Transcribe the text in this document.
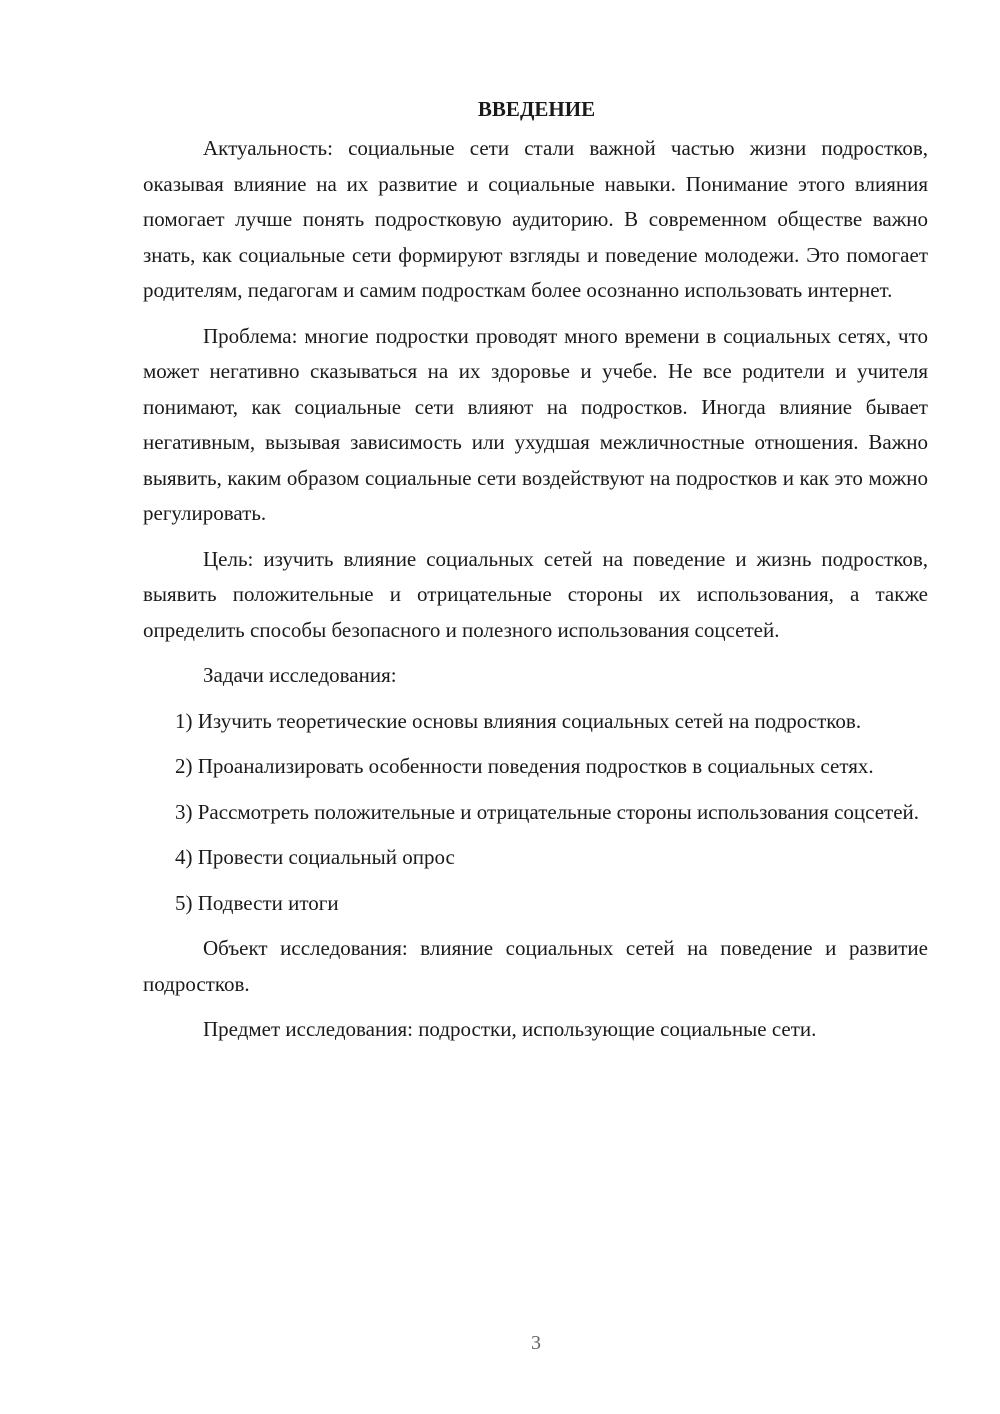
ВВЕДЕНИЕ

Актуальность: социальные сети стали важной частью жизни подростков, оказывая влияние на их развитие и социальные навыки. Понимание этого влияния помогает лучше понять подростковую аудиторию. В современном обществе важно знать, как социальные сети формируют взгляды и поведение молодежи. Это помогает родителям, педагогам и самим подросткам более осознанно использовать интернет.

Проблема: многие подростки проводят много времени в социальных сетях, что может негативно сказываться на их здоровье и учебе. Не все родители и учителя понимают, как социальные сети влияют на подростков. Иногда влияние бывает негативным, вызывая зависимость или ухудшая межличностные отношения. Важно выявить, каким образом социальные сети воздействуют на подростков и как это можно регулировать.

Цель: изучить влияние социальных сетей на поведение и жизнь подростков, выявить положительные и отрицательные стороны их использования, а также определить способы безопасного и полезного использования соцсетей.

Задачи исследования:

1) Изучить теоретические основы влияния социальных сетей на подростков.

2) Проанализировать особенности поведения подростков в социальных сетях.

3) Рассмотреть положительные и отрицательные стороны использования соцсетей.

4) Провести социальный опрос

5) Подвести итоги

Объект исследования: влияние социальных сетей на поведение и развитие подростков.

Предмет исследования: подростки, использующие социальные сети.

3
